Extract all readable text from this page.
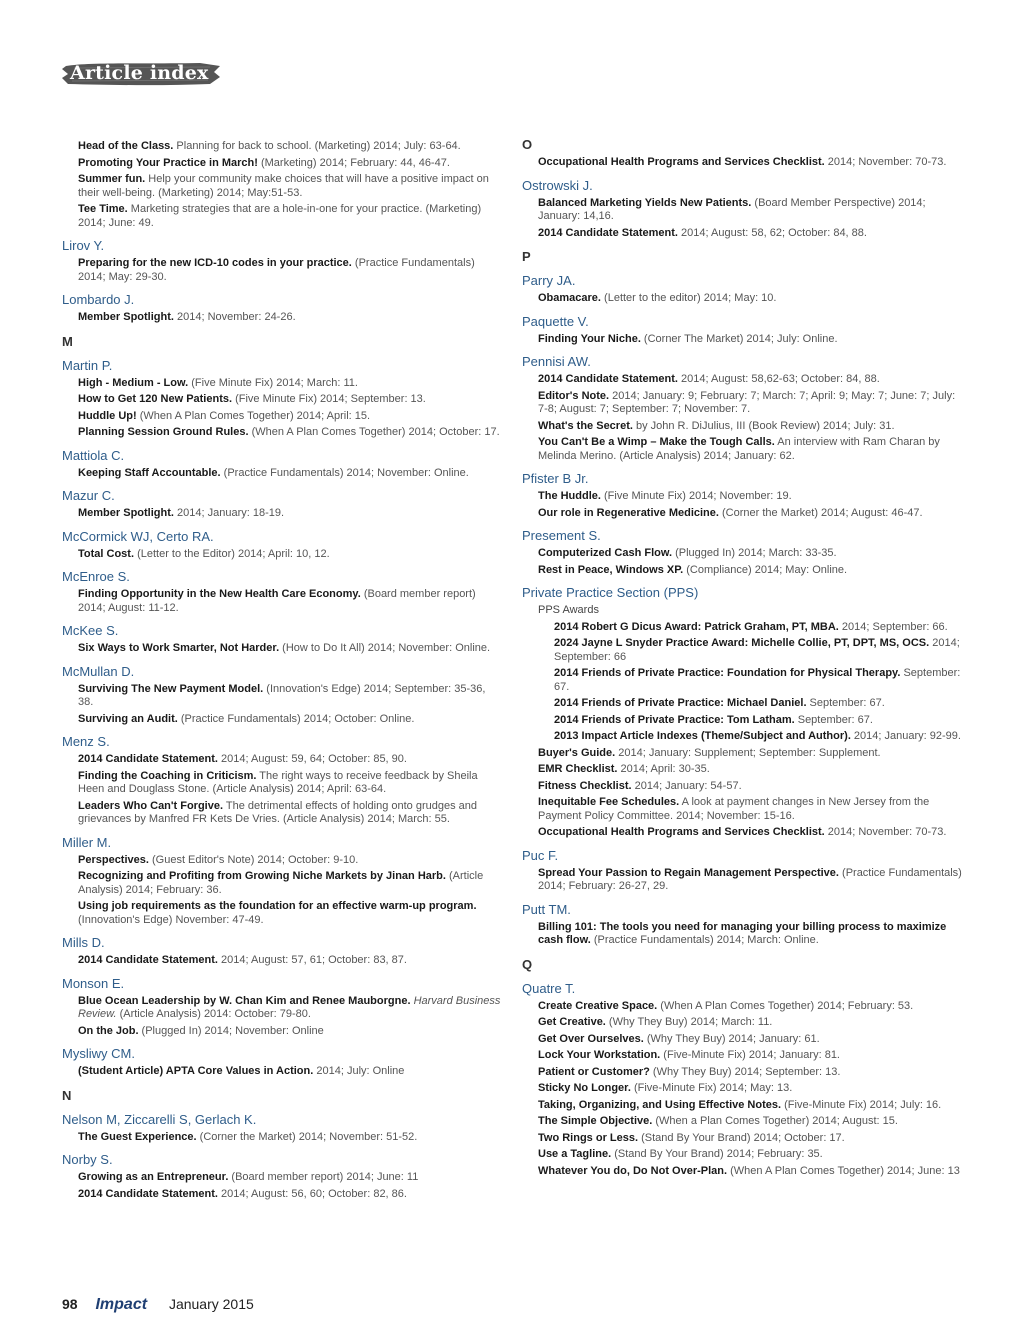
Article index
Head of the Class. Planning for back to school. (Marketing) 2014; July: 63-64.
Promoting Your Practice in March! (Marketing) 2014; February: 44, 46-47.
Summer fun. Help your community make choices that will have a positive impact on their well-being. (Marketing) 2014; May:51-53.
Tee Time. Marketing strategies that are a hole-in-one for your practice. (Marketing) 2014; June: 49.
Lirov Y.
Preparing for the new ICD-10 codes in your practice. (Practice Fundamentals) 2014; May: 29-30.
Lombardo J.
Member Spotlight. 2014; November: 24-26.
M
Martin P.
High - Medium - Low. (Five Minute Fix) 2014; March: 11.
How to Get 120 New Patients. (Five Minute Fix) 2014; September: 13.
Huddle Up! (When A Plan Comes Together) 2014; April: 15.
Planning Session Ground Rules. (When A Plan Comes Together) 2014; October: 17.
Mattiola C.
Keeping Staff Accountable. (Practice Fundamentals) 2014; November: Online.
Mazur C.
Member Spotlight. 2014; January: 18-19.
McCormick WJ, Certo RA.
Total Cost. (Letter to the Editor) 2014; April: 10, 12.
McEnroe S.
Finding Opportunity in the New Health Care Economy. (Board member report) 2014; August: 11-12.
McKee S.
Six Ways to Work Smarter, Not Harder. (How to Do It All) 2014; November: Online.
McMullan D.
Surviving The New Payment Model. (Innovation's Edge) 2014; September: 35-36, 38.
Surviving an Audit. (Practice Fundamentals) 2014; October: Online.
Menz S.
2014 Candidate Statement. 2014; August: 59, 64; October: 85, 90.
Finding the Coaching in Criticism. The right ways to receive feedback by Sheila Heen and Douglass Stone. (Article Analysis) 2014; April: 63-64.
Leaders Who Can't Forgive. The detrimental effects of holding onto grudges and grievances by Manfred FR Kets De Vries. (Article Analysis) 2014; March: 55.
Miller M.
Perspectives. (Guest Editor's Note) 2014; October: 9-10.
Recognizing and Profiting from Growing Niche Markets by Jinan Harb. (Article Analysis) 2014; February: 36.
Using job requirements as the foundation for an effective warm-up program. (Innovation's Edge) November: 47-49.
Mills D.
2014 Candidate Statement. 2014; August: 57, 61; October: 83, 87.
Monson E.
Blue Ocean Leadership by W. Chan Kim and Renee Mauborgne. Harvard Business Review. (Article Analysis) 2014: October: 79-80.
On the Job. (Plugged In) 2014; November: Online
Mysliwy CM.
(Student Article) APTA Core Values in Action. 2014; July: Online
N
Nelson M, Ziccarelli S, Gerlach K.
The Guest Experience. (Corner the Market) 2014; November: 51-52.
Norby S.
Growing as an Entrepreneur. (Board member report) 2014; June: 11
2014 Candidate Statement. 2014; August: 56, 60; October: 82, 86.
O
Occupational Health Programs and Services Checklist. 2014; November: 70-73.
Ostrowski J.
Balanced Marketing Yields New Patients. (Board Member Perspective) 2014; January: 14,16.
2014 Candidate Statement. 2014; August: 58, 62; October: 84, 88.
P
Parry JA.
Obamacare. (Letter to the editor) 2014; May: 10.
Paquette V.
Finding Your Niche. (Corner The Market) 2014; July: Online.
Pennisi AW.
2014 Candidate Statement. 2014; August: 58,62-63; October: 84, 88.
Editor's Note. 2014; January: 9; February: 7; March: 7; April: 9; May: 7; June: 7; July: 7-8; August: 7; September: 7; November: 7.
What's the Secret. by John R. DiJulius, III (Book Review) 2014; July: 31.
You Can't Be a Wimp – Make the Tough Calls. An interview with Ram Charan by Melinda Merino. (Article Analysis) 2014; January: 62.
Pfister B Jr.
The Huddle. (Five Minute Fix) 2014; November: 19.
Our role in Regenerative Medicine. (Corner the Market) 2014; August: 46-47.
Presement S.
Computerized Cash Flow. (Plugged In) 2014; March: 33-35.
Rest in Peace, Windows XP. (Compliance) 2014; May: Online.
Private Practice Section (PPS)
PPS Awards
2014 Robert G Dicus Award: Patrick Graham, PT, MBA. 2014; September: 66.
2024 Jayne L Snyder Practice Award: Michelle Collie, PT, DPT, MS, OCS. 2014; September: 66
2014 Friends of Private Practice: Foundation for Physical Therapy. September: 67.
2014 Friends of Private Practice: Michael Daniel. September: 67.
2014 Friends of Private Practice: Tom Latham. September: 67.
2013 Impact Article Indexes (Theme/Subject and Author). 2014; January: 92-99.
Buyer's Guide. 2014; January: Supplement; September: Supplement.
EMR Checklist. 2014; April: 30-35.
Fitness Checklist. 2014; January: 54-57.
Inequitable Fee Schedules. A look at payment changes in New Jersey from the Payment Policy Committee. 2014; November: 15-16.
Occupational Health Programs and Services Checklist. 2014; November: 70-73.
Puc F.
Spread Your Passion to Regain Management Perspective. (Practice Fundamentals) 2014; February: 26-27, 29.
Putt TM.
Billing 101: The tools you need for managing your billing process to maximize cash flow. (Practice Fundamentals) 2014; March: Online.
Q
Quatre T.
Create Creative Space. (When A Plan Comes Together) 2014; February: 53.
Get Creative. (Why They Buy) 2014; March: 11.
Get Over Ourselves. (Why They Buy) 2014; January: 61.
Lock Your Workstation. (Five-Minute Fix) 2014; January: 81.
Patient or Customer? (Why They Buy) 2014; September: 13.
Sticky No Longer. (Five-Minute Fix) 2014; May: 13.
Taking, Organizing, and Using Effective Notes. (Five-Minute Fix) 2014; July: 16.
The Simple Objective. (When a Plan Comes Together) 2014; August: 15.
Two Rings or Less. (Stand By Your Brand) 2014; October: 17.
Use a Tagline. (Stand By Your Brand) 2014; February: 35.
Whatever You do, Do Not Over-Plan. (When A Plan Comes Together) 2014; June: 13
98 Impact January 2015
